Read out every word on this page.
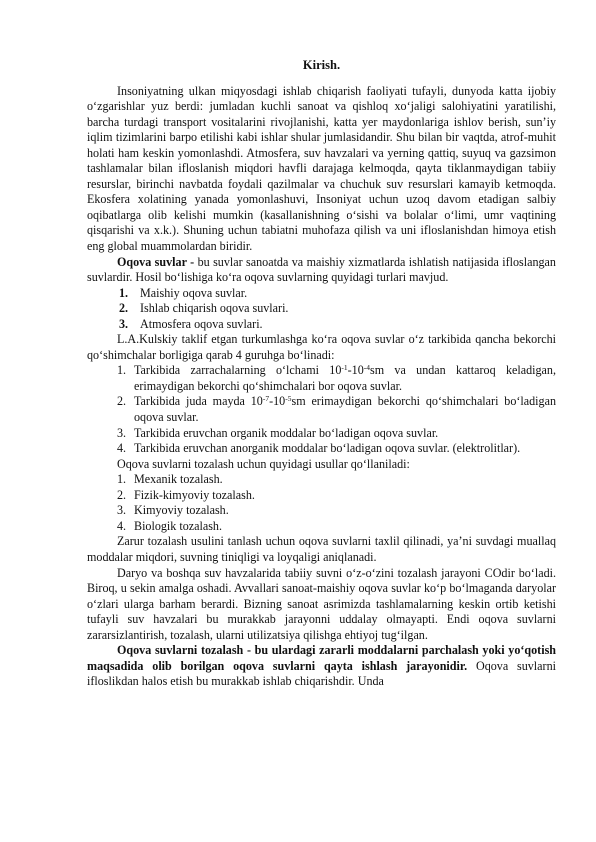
Kirish.

Insoniyatning ulkan miqyosdagi ishlab chiqarish faoliyati tufayli, dunyoda katta ijobiy oʻzgarishlar yuz berdi: jumladan kuchli sanoat va qishloq xoʻjaligi salohiyatini yaratilishi, barcha turdagi transport vositalarini rivojlanishi, katta yer maydonlariga ishlov berish, sun’iy iqlim tizimlarini barpo etilishi kabi ishlar shular jumlasidandir. Shu bilan bir vaqtda, atrof-muhit holati ham keskin yomonlashdi. Atmosfera, suv havzalari va yerning qattiq, suyuq va gazsimon tashlamalar bilan ifloslanish miqdori havfli darajaga kelmoqda, qayta tiklanmaydigan tabiiy resurslar, birinchi navbatda foydali qazilmalar va chuchuk suv resurslari kamayib ketmoqda. Ekosfera xolatining yanada yomonlashuvi, Insoniyat uchun uzoq davom etadigan salbiy oqibatlarga olib kelishi mumkin (kasallanishning oʻsishi va bolalar oʻlimi, umr vaqtining qisqarishi va x.k.). Shuning uchun tabiatni muhofaza qilish va uni ifloslanishdan himoya etish eng global muammolardan biridir.

Oqova suvlar - bu suvlar sanoatda va maishiy xizmatlarda ishlatish natijasida ifloslangan suvlardir. Hosil boʻlishiga koʻra oqova suvlarning quyidagi turlari mavjud.

1. Maishiy oqova suvlar.
2. Ishlab chiqarish oqova suvlari.
3. Atmosfera oqova suvlari.

L.A.Kulskiy taklif etgan turkumlashga koʻra oqova suvlar oʻz tarkibida qancha bekorchi qoʻshimchalar borligiga qarab 4 guruhga boʻlinadi:

1. Tarkibida zarrachalarning oʻlchami $10^{-1}-10^{-4}sm$ va undan kattaroq keladigan, erimaydigan bekorchi qoʻshimchalari bor oqova suvlar.
2. Tarkibida juda mayda $10^{-7}-10^{-5}sm$ erimaydigan bekorchi qoʻshimchalari boʻladigan oqova suvlar.
3. Tarkibida eruvchan organik moddalar boʻladigan oqova suvlar.
4. Tarkibida eruvchan anorganik moddalar boʻladigan oqova suvlar. (elektrolitlar).

Oqova suvlarni tozalash uchun quyidagi usullar qoʻllaniladi:

1. Mexanik tozalash.
2. Fizik-kimyoviy tozalash.
3. Kimyoviy tozalash.
4. Biologik tozalash.

Zarur tozalash usulini tanlash uchun oqova suvlarni taxlil qilinadi, ya’ni suvdagi muallaq moddalar miqdori, suvning tiniqligi va loyqaligi aniqlanadi.

Daryo va boshqa suv havzalarida tabiiy suvni oʻz-oʻzini tozalash jarayoni COdir boʻladi. Biroq, u sekin amalga oshadi. Avvallari sanoat-maishiy oqova suvlar koʻp boʻlmaganda daryolar oʻzlari ularga barham berardi. Bizning sanoat asrimizda tashlamalarning keskin ortib ketishi tufayli suv havzalari bu murakkab jarayonni uddalay olmayapti. Endi oqova suvlarni zararsizlantirish, tozalash, ularni utilizatsiya qilishga ehtiyoj tugʻilgan.

Oqova suvlarni tozalash - bu ulardagi zararli moddalarni parchalash yoki yoʻqotish maqsadida olib borilgan oqova suvlarni qayta ishlash jarayonidir. Oqova suvlarni ifloslikdan halos etish bu murakkab ishlab chiqarishdir. Unda
